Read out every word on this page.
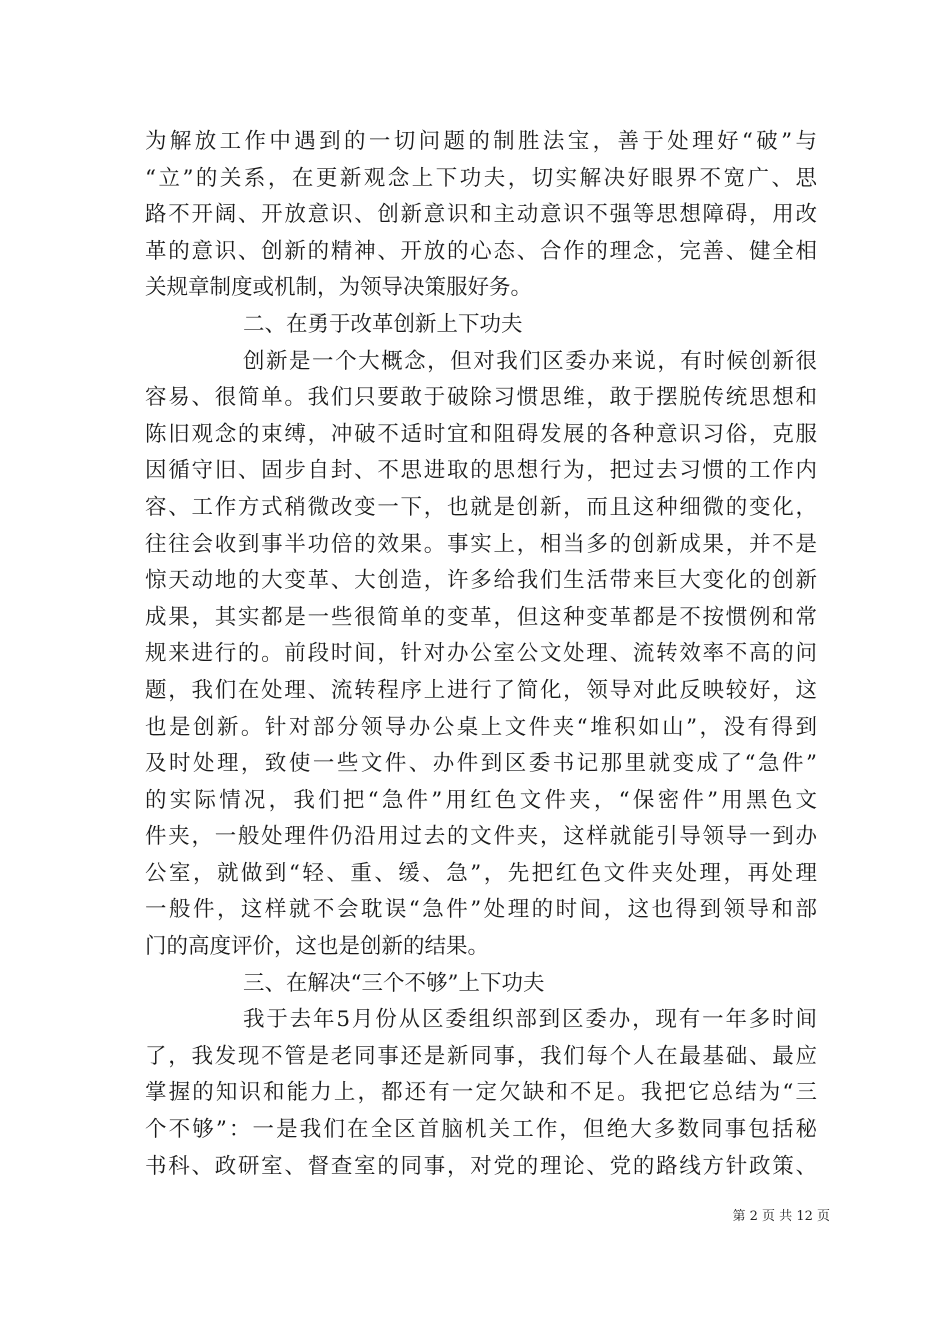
为解放工作中遇到的一切问题的制胜法宝，善于处理好“破”与
“立”的关系，在更新观念上下功夫，切实解决好眼界不宽广、思
路不开阔、开放意识、创新意识和主动意识不强等思想障碍，用改
革的意识、创新的精神、开放的心态、合作的理念，完善、健全相
关规章制度或机制，为领导决策服好务。
二、在勇于改革创新上下功夫
创新是一个大概念，但对我们区委办来说，有时候创新很
容易、很简单。我们只要敢于破除习惯思维，敢于摆脱传统思想和
陈旧观念的束缚，冲破不适时宜和阻碍发展的各种意识习俗，克服
因循守旧、固步自封、不思进取的思想行为，把过去习惯的工作内
容、工作方式稍微改变一下，也就是创新，而且这种细微的变化，
往往会收到事半功倍的效果。事实上，相当多的创新成果，并不是
惊天动地的大变革、大创造，许多给我们生活带来巨大变化的创新
成果，其实都是一些很简单的变革，但这种变革都是不按惯例和常
规来进行的。前段时间，针对办公室公文处理、流转效率不高的问
题，我们在处理、流转程序上进行了简化，领导对此反映较好，这
也是创新。针对部分领导办公桌上文件夹“堆积如山”，没有得到
及时处理，致使一些文件、办件到区委书记那里就变成了“急件”
的实际情况，我们把“急件”用红色文件夹，“保密件”用黑色文
件夹，一般处理件仍沿用过去的文件夹，这样就能引导领导一到办
公室，就做到“轻、重、缓、急”，先把红色文件夹处理，再处理
一般件，这样就不会耽误“急件”处理的时间，这也得到领导和部
门的高度评价，这也是创新的结果。
三、在解决“三个不够”上下功夫
我于去年5月份从区委组织部到区委办，现有一年多时间
了，我发现不管是老同事还是新同事，我们每个人在最基础、最应
掌握的知识和能力上，都还有一定欠缺和不足。我把它总结为“三
个不够”：一是我们在全区首脑机关工作，但绝大多数同事包括秘
书科、政研室、督查室的同事，对党的理论、党的路线方针政策、
第 2 页 共 12 页
